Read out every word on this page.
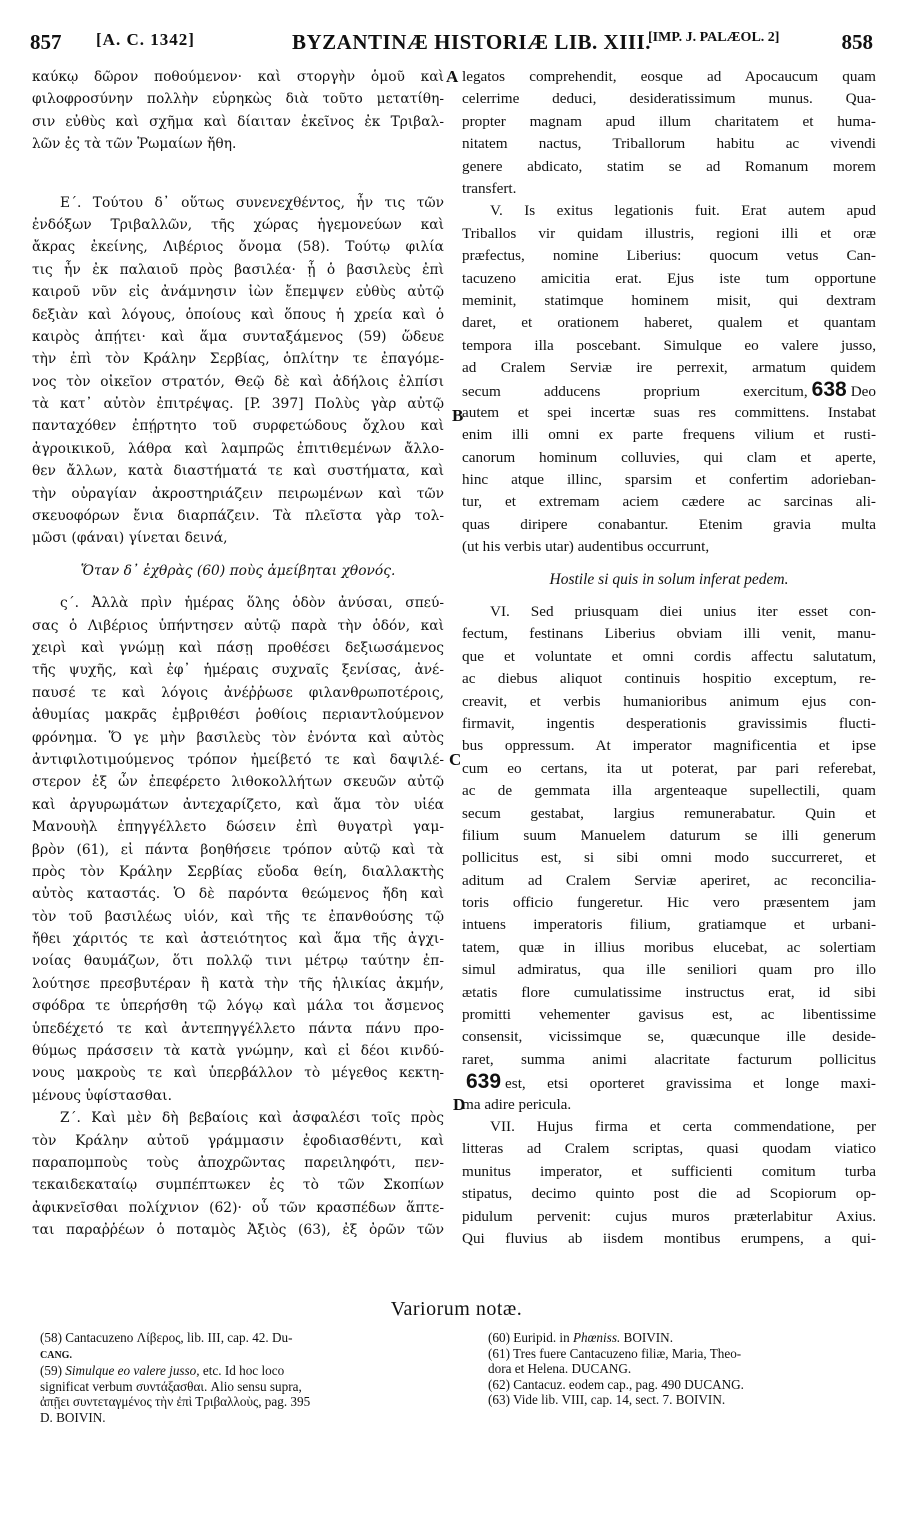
857 [A. C. 1342]	BYZANTINÆ HISTORIÆ LIB. XIII.
[IMP. J. PALÆOL. 2]	858
A
B
C
D
καύκῳ δῶρον ποθούμενον· καὶ στοργὴν ὁμοῦ καὶ
φιλοφροσύνην πολλὴν εὑρηκὼς διὰ τοῦτο μετατίθη-
σιν εὐθὺς καὶ σχῆμα καὶ δίαιταν ἐκεῖνος ἐκ Τριβαλ-
λῶν ἐς τὰ τῶν Ῥωμαίων ἤθη.
Ε΄. Τούτου δ᾽ οὕτως συνενεχθέντος, ἦν τις τῶν
ἐνδόξων Τριβαλλῶν, τῆς χώρας ἡγεμονεύων καὶ
ἄκρας ἐκείνης, Λιβέριος ὄνομα (58). Τούτῳ φιλία
τις ἦν ἐκ παλαιοῦ πρὸς βασιλέα· ᾗ ὁ βασιλεὺς ἐπὶ
καιροῦ νῦν εἰς ἀνάμνησιν ἰὼν ἔπεμψεν εὐθὺς αὐτῷ
δεξιὰν καὶ λόγους, ὁποίους καὶ ὅπους ἡ χρεία καὶ ὁ
καιρὸς ἀπῄτει· καὶ ἅμα συνταξάμενος (59) ὥδευε
τὴν ἐπὶ τὸν Κράλην Σερβίας, ὁπλίτην τε ἐπαγόμε-
νος τὸν οἰκεῖον στρατόν, Θεῷ δὲ καὶ ἀδήλοις ἐλπίσι
τὰ κατ᾽ αὐτὸν ἐπιτρέψας. [P. 397] Πολὺς γὰρ αὐτῷ
πανταχόθεν ἐπῄρτητο τοῦ συρφετώδους ὄχλου καὶ
ἀγροικικοῦ, λάθρα καὶ λαμπρῶς ἐπιτιθεμένων ἄλλο-
θεν ἄλλων, κατὰ διαστήματά τε καὶ συστήματα, καὶ
τὴν οὐραγίαν ἀκροστηριάζειν πειρωμένων καὶ τῶν
σκευοφόρων ἔνια διαρπάζειν. Τὰ πλεῖστα γὰρ τολ-
μῶσι (φάναι) γίνεται δεινά,
Ὅταν δ᾽ ἐχθρὰς (60) ποὺς ἀμείβηται χθονός.
ς΄. Ἀλλὰ πρὶν ἡμέρας ὅλης ὁδὸν ἀνύσαι, σπεύ-
σας ὁ Λιβέριος ὑπήντησεν αὐτῷ παρὰ τὴν ὁδόν, καὶ
χειρὶ καὶ γνώμῃ καὶ πάσῃ προθέσει δεξιωσάμενος
τῆς ψυχῆς, καὶ ἐφ᾽ ἡμέραις συχναῖς ξενίσας, ἀνέ-
παυσέ τε καὶ λόγοις ἀνέῤῥωσε φιλανθρωποτέροις,
ἀθυμίας μακρᾶς ἐμβριθέσι ῥοθίοις περιαντλούμενον
φρόνημα. Ὅ γε μὴν βασιλεὺς τὸν ἐνόντα καὶ αὐτὸς
ἀντιφιλοτιμούμενος τρόπον ἠμείβετό τε καὶ δαψιλέ-
στερον ἐξ ὧν ἐπεφέρετο λιθοκολλήτων σκευῶν αὐτῷ
καὶ ἀργυρωμάτων ἀντεχαρίζετο, καὶ ἅμα τὸν υἱέα
Μανουὴλ ἐπηγγέλλετο δώσειν ἐπὶ θυγατρὶ γαμ-
βρὸν (61), εἰ πάντα βοηθήσειε τρόπον αὐτῷ καὶ τὰ
πρὸς τὸν Κράλην Σερβίας εὔοδα θείη, διαλλακτὴς
αὐτὸς καταστάς. Ὁ δὲ παρόντα θεώμενος ἤδη καὶ
τὸν τοῦ βασιλέως υἱόν, καὶ τῆς τε ἐπανθούσης τῷ
ἤθει χάριτός τε καὶ ἀστειότητος καὶ ἅμα τῆς ἀγχι-
νοίας θαυμάζων, ὅτι πολλῷ τινι μέτρῳ ταύτην ἐπ-
λούτησε πρεσβυτέραν ἢ κατὰ τὴν τῆς ἡλικίας ἀκμήν,
σφόδρα τε ὑπερήσθη τῷ λόγῳ καὶ μάλα τοι ἄσμενος
ὑπεδέχετό τε καὶ ἀντεπηγγέλλετο πάντα πάνυ προ-
θύμως πράσσειν τὰ κατὰ γνώμην, καὶ εἰ δέοι κινδύ-
νους μακροὺς τε καὶ ὑπερβάλλον τὸ μέγεθος κεκτη-
μένους ὑφίστασθαι.
Ζ΄. Καὶ μὲν δὴ βεβαίοις καὶ ἀσφαλέσι τοῖς πρὸς
τὸν Κράλην αὐτοῦ γράμμασιν ἐφοδιασθέντι, καὶ
παραπομποὺς τοὺς ἀποχρῶντας παρειληφότι, πεν-
τεκαιδεκαταίῳ συμπέπτωκεν ἐς τὸ τῶν Σκοπίων
ἀφικνεῖσθαι πολίχνιον (62)· οὗ τῶν κρασπέδων ἅπτε-
ται παραῤῥέων ὁ ποταμὸς Ἀξιὸς (63), ἐξ ὀρῶν τῶν
legatos comprehendit, eosque ad Apocaucum quam
celerrime deduci, desideratissimum munus. Qua-
propter magnam apud illum charitatem et huma-
nitatem nactus, Triballorum habitu ac vivendi
genere abdicato, statim se ad Romanum morem
transfert.
V. Is exitus legationis fuit. Erat autem apud
Triballos vir quidam illustris, regioni illi et oræ
præfectus, nomine Liberius: quocum vetus Can-
tacuzeno amicitia erat. Ejus iste tum opportune
meminit, statimque hominem misit, qui dextram
daret, et orationem haberet, qualem et quantam
tempora illa poscebant. Simulque eo valere jusso,
ad Cralem Serviæ ire perrexit, armatum quidem
secum adducens proprium exercitum, 638 Deo
autem et spei incertæ suas res committens. Instabat
enim illi omni ex parte frequens vilium et rusti-
canorum hominum colluvies, qui clam et aperte,
hinc atque illinc, sparsim et confertim adorieban-
tur, et extremam aciem cædere ac sarcinas ali-
quas diripere conabantur. Etenim gravia multa
(ut his verbis utar) audentibus occurrunt,
Hostile si quis in solum inferat pedem.
VI. Sed priusquam diei unius iter esset con-
fectum, festinans Liberius obviam illi venit, manu-
que et voluntate et omni cordis affectu salutatum,
ac diebus aliquot continuis hospitio exceptum, re-
creavit, et verbis humanioribus animum ejus con-
firmavit, ingentis desperationis gravissimis flucti-
bus oppressum. At imperator magnificentia et ipse
cum eo certans, ita ut poterat, par pari referebat,
ac de gemmata illa argenteaque supellectili, quam
secum gestabat, largius remunerabatur. Quin et
filium suum Manuelem daturum se illi generum
pollicitus est, si sibi omni modo succurreret, et
aditum ad Cralem Serviæ aperiret, ac reconcilia-
toris officio fungeretur. Hic vero præsentem jam
intuens imperatoris filium, gratiamque et urbani-
tatem, quæ in illius moribus elucebat, ac solertiam
simul admiratus, qua ille seniliori quam pro illo
ætatis flore cumulatissime instructus erat, id sibi
promitti vehementer gavisus est, ac libentissime
consensit, vicissimque se, quæcunque ille deside-
raret, summa animi alacritate facturum pollicitus
639 est, etsi oporteret gravissima et longe maxi-
ma adire pericula.
VII. Hujus firma et certa commendatione, per
litteras ad Cralem scriptas, quasi quodam viatico
munitus imperator, et sufficienti comitum turba
stipatus, decimo quinto post die ad Scopiorum op-
pidulum pervenit: cujus muros præterlabitur Axius.
Qui fluvius ab iisdem montibus erumpens, a qui-
Variorum notæ.
(58) Cantacuzeno Λίβερος, lib. III, cap. 42. Du-
CANG.
(59) Simulque eo valere jusso, etc. Id hoc loco
significat verbum συντάξασθαι. Alio sensu supra,
ἀπῇει συντεταγμένος τὴν ἐπὶ Τριβαλλοὺς, pag. 395
D. BOIVIN.
(60) Euripid. in Phœniss. BOIVIN.
(61) Tres fuere Cantacuzeno filiæ, Maria, Theo-
dora et Helena. DUCANG.
(62) Cantacuz. eodem cap., pag. 490 DUCANG.
(63) Vide lib. VIII, cap. 14, sect. 7. BOIVIN.
